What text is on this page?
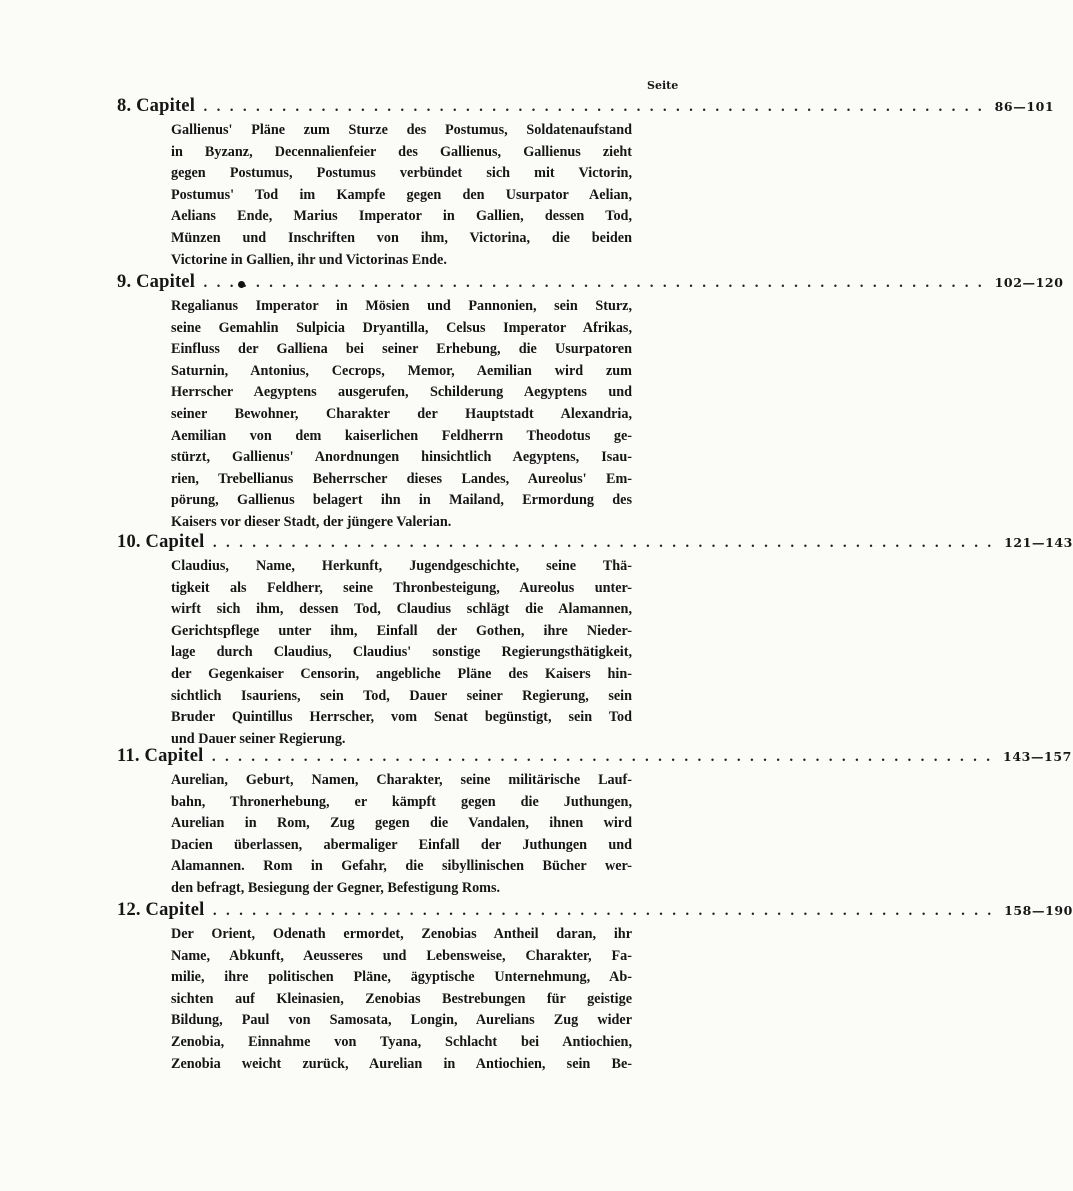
Seite
8. Capitel ............................................................ 86—101
Gallienus' Pläne zum Sturze des Postumus, Soldatenaufstand
in Byzanz, Decennalienfeier des Gallienus, Gallienus zieht
gegen Postumus, Postumus verbündet sich mit Victorin,
Postumus' Tod im Kampfe gegen den Usurpator Aelian,
Aelians Ende, Marius Imperator in Gallien, dessen Tod,
Münzen und Inschriften von ihm, Victorina, die beiden
Victorine in Gallien, ihr und Victorinas Ende.
9. Capitel ............................................................ 102—120
Regalianus Imperator in Mösien und Pannonien, sein Sturz,
seine Gemahlin Sulpicia Dryantilla, Celsus Imperator Afrikas,
Einfluss der Galliena bei seiner Erhebung, die Usurpatoren
Saturnin, Antonius, Cecrops, Memor, Aemilian wird zum
Herrscher Aegyptens ausgerufen, Schilderung Aegyptens und
seiner Bewohner, Charakter der Hauptstadt Alexandria,
Aemilian von dem kaiserlichen Feldherrn Theodotus ge-
stürzt, Gallienus' Anordnungen hinsichtlich Aegyptens, Isau-
rien, Trebellianus Beherrscher dieses Landes, Aureolus' Em-
pörung, Gallienus belagert ihn in Mailand, Ermordung des
Kaisers vor dieser Stadt, der jüngere Valerian.
10. Capitel ............................................................ 121—143
Claudius, Name, Herkunft, Jugendgeschichte, seine Thä-
tigkeit als Feldherr, seine Thronbesteigung, Aureolus unter-
wirft sich ihm, dessen Tod, Claudius schlägt die Alamannen,
Gerichtspflege unter ihm, Einfall der Gothen, ihre Nieder-
lage durch Claudius, Claudius' sonstige Regierungsthätigkeit,
der Gegenkaiser Censorin, angebliche Pläne des Kaisers hin-
sichtlich Isauriens, sein Tod, Dauer seiner Regierung, sein
Bruder Quintillus Herrscher, vom Senat begünstigt, sein Tod
und Dauer seiner Regierung.
11. Capitel ............................................................ 143—157
Aurelian, Geburt, Namen, Charakter, seine militärische Lauf-
bahn, Thronerhebung, er kämpft gegen die Juthungen,
Aurelian in Rom, Zug gegen die Vandalen, ihnen wird
Dacien überlassen, abermaliger Einfall der Juthungen und
Alamannen. Rom in Gefahr, die sibyllinischen Bücher wer-
den befragt, Besiegung der Gegner, Befestigung Roms.
12. Capitel ............................................................ 158—190
Der Orient, Odenath ermordet, Zenobias Antheil daran, ihr
Name, Abkunft, Aeusseres und Lebensweise, Charakter, Fa-
milie, ihre politischen Pläne, ägyptische Unternehmung, Ab-
sichten auf Kleinasien, Zenobias Bestrebungen für geistige
Bildung, Paul von Samosata, Longin, Aurelians Zug wider
Zenobia, Einnahme von Tyana, Schlacht bei Antiochien,
Zenobia weicht zurück, Aurelian in Antiochien, sein Be-
